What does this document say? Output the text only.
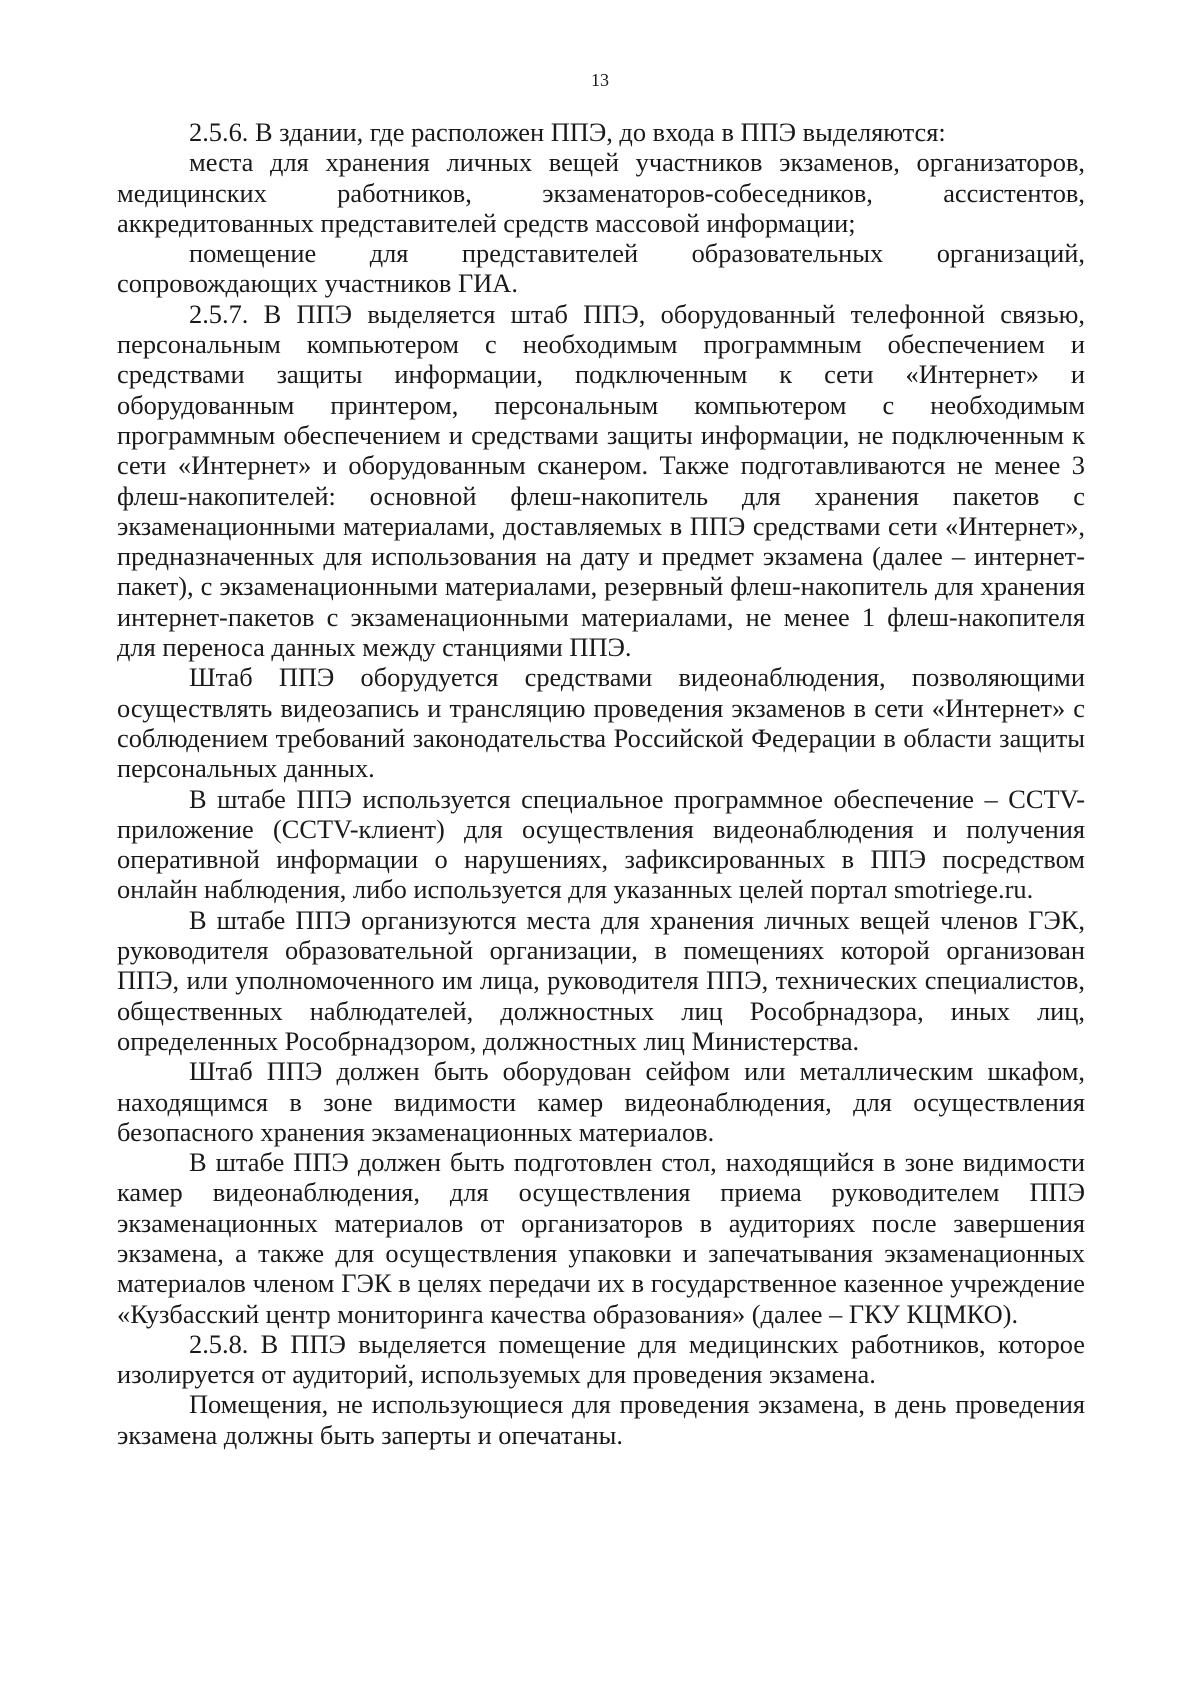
13

2.5.6. В здании, где расположен ППЭ, до входа в ППЭ выделяются:

места для хранения личных вещей участников экзаменов, организаторов, медицинских работников, экзаменаторов-собеседников, ассистентов, аккредитованных представителей средств массовой информации;

помещение для представителей образовательных организаций, сопровождающих участников ГИА.

2.5.7. В ППЭ выделяется штаб ППЭ, оборудованный телефонной связью, персональным компьютером с необходимым программным обеспечением и средствами защиты информации, подключенным к сети «Интернет» и оборудованным принтером, персональным компьютером с необходимым программным обеспечением и средствами защиты информации, не подключенным к сети «Интернет» и оборудованным сканером. Также подготавливаются не менее 3 флеш-накопителей: основной флеш-накопитель для хранения пакетов с экзаменационными материалами, доставляемых в ППЭ средствами сети «Интернет», предназначенных для использования на дату и предмет экзамена (далее – интернет-пакет), с экзаменационными материалами, резервный флеш-накопитель для хранения интернет-пакетов с экзаменационными материалами, не менее 1 флеш-накопителя для переноса данных между станциями ППЭ.

Штаб ППЭ оборудуется средствами видеонаблюдения, позволяющими осуществлять видеозапись и трансляцию проведения экзаменов в сети «Интернет» с соблюдением требований законодательства Российской Федерации в области защиты персональных данных.

В штабе ППЭ используется специальное программное обеспечение – CCTV-приложение (CCTV-клиент) для осуществления видеонаблюдения и получения оперативной информации о нарушениях, зафиксированных в ППЭ посредством онлайн наблюдения, либо используется для указанных целей портал smotriege.ru.

В штабе ППЭ организуются места для хранения личных вещей членов ГЭК, руководителя образовательной организации, в помещениях которой организован ППЭ, или уполномоченного им лица, руководителя ППЭ, технических специалистов, общественных наблюдателей, должностных лиц Рособрнадзора, иных лиц, определенных Рособрнадзором, должностных лиц Министерства.

Штаб ППЭ должен быть оборудован сейфом или металлическим шкафом, находящимся в зоне видимости камер видеонаблюдения, для осуществления безопасного хранения экзаменационных материалов.

В штабе ППЭ должен быть подготовлен стол, находящийся в зоне видимости камер видеонаблюдения, для осуществления приема руководителем ППЭ экзаменационных материалов от организаторов в аудиториях после завершения экзамена, а также для осуществления упаковки и запечатывания экзаменационных материалов членом ГЭК в целях передачи их в государственное казенное учреждение «Кузбасский центр мониторинга качества образования» (далее – ГКУ КЦМКО).

2.5.8. В ППЭ выделяется помещение для медицинских работников, которое изолируется от аудиторий, используемых для проведения экзамена.

Помещения, не использующиеся для проведения экзамена, в день проведения экзамена должны быть заперты и опечатаны.
